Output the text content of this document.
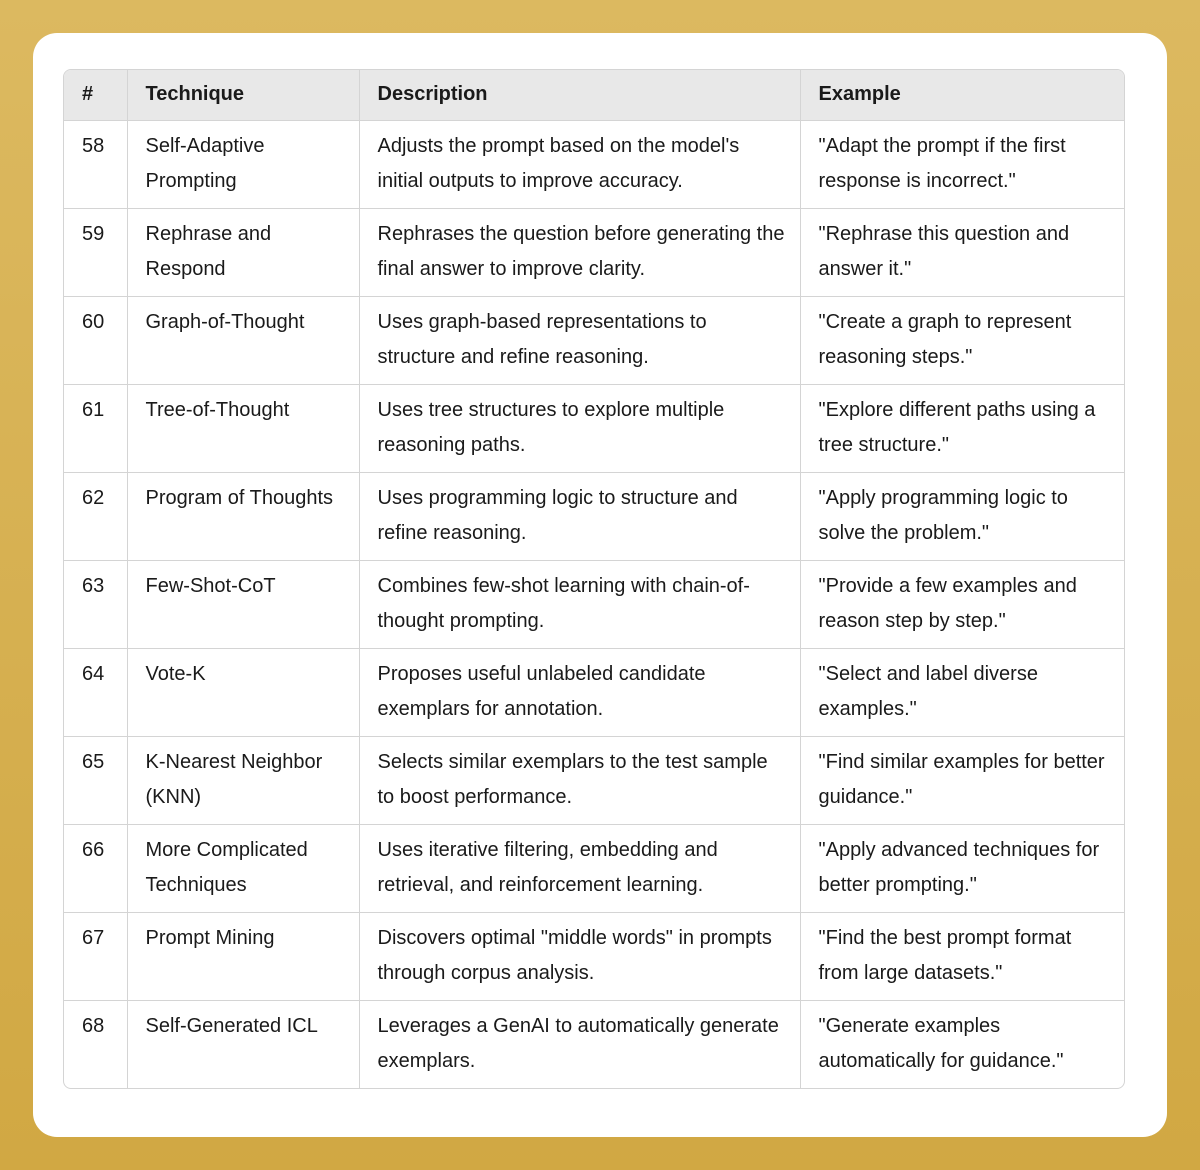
#	Technique	Description	Example
58	Self-Adaptive Prompting	Adjusts the prompt based on the model's initial outputs to improve accuracy.	"Adapt the prompt if the first response is incorrect."
59	Rephrase and Respond	Rephrases the question before generating the final answer to improve clarity.	"Rephrase this question and answer it."
60	Graph-of-Thought	Uses graph-based representations to structure and refine reasoning.	"Create a graph to represent reasoning steps."
61	Tree-of-Thought	Uses tree structures to explore multiple reasoning paths.	"Explore different paths using a tree structure."
62	Program of Thoughts	Uses programming logic to structure and refine reasoning.	"Apply programming logic to solve the problem."
63	Few-Shot-CoT	Combines few-shot learning with chain-of-thought prompting.	"Provide a few examples and reason step by step."
64	Vote-K	Proposes useful unlabeled candidate exemplars for annotation.	"Select and label diverse examples."
65	K-Nearest Neighbor (KNN)	Selects similar exemplars to the test sample to boost performance.	"Find similar examples for better guidance."
66	More Complicated Techniques	Uses iterative filtering, embedding and retrieval, and reinforcement learning.	"Apply advanced techniques for better prompting."
67	Prompt Mining	Discovers optimal "middle words" in prompts through corpus analysis.	"Find the best prompt format from large datasets."
68	Self-Generated ICL	Leverages a GenAI to automatically generate exemplars.	"Generate examples automatically for guidance."
